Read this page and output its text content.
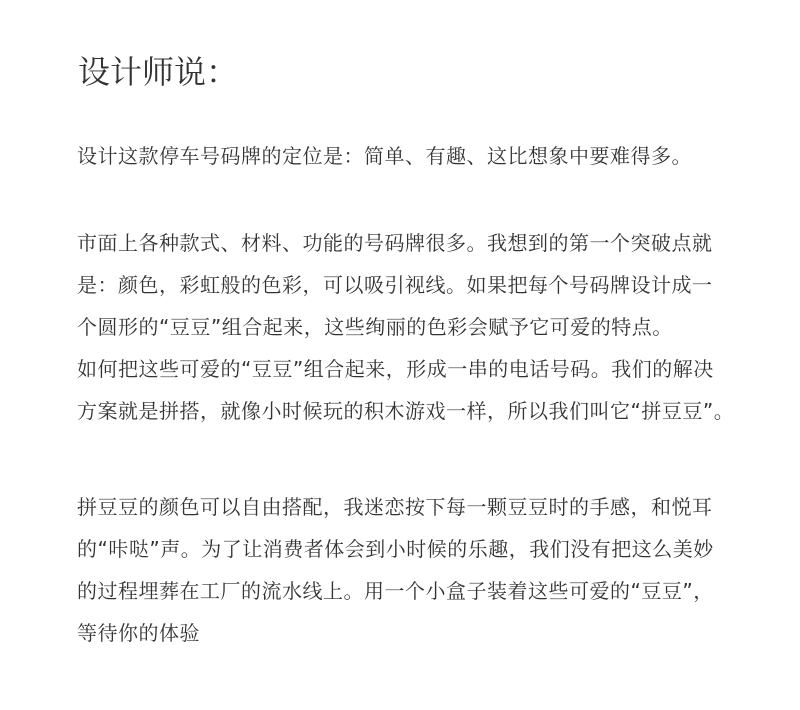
设计师说：

设计这款停车号码牌的定位是：简单、有趣、这比想象中要难得多。

市面上各种款式、材料、功能的号码牌很多。我想到的第一个突破点就

是：颜色，彩虹般的色彩，可以吸引视线。如果把每个号码牌设计成一

个圆形的“豆豆”组合起来，这些绚丽的色彩会赋予它可爱的特点。

如何把这些可爱的“豆豆”组合起来，形成一串的电话号码。我们的解决

方案就是拼搭，就像小时候玩的积木游戏一样，所以我们叫它“拼豆豆”。

拼豆豆的颜色可以自由搭配，我迷恋按下每一颗豆豆时的手感，和悦耳

的“咔哒”声。为了让消费者体会到小时候的乐趣，我们没有把这么美妙

的过程埋葬在工厂的流水线上。用一个小盒子装着这些可爱的“豆豆”，

等待你的体验
